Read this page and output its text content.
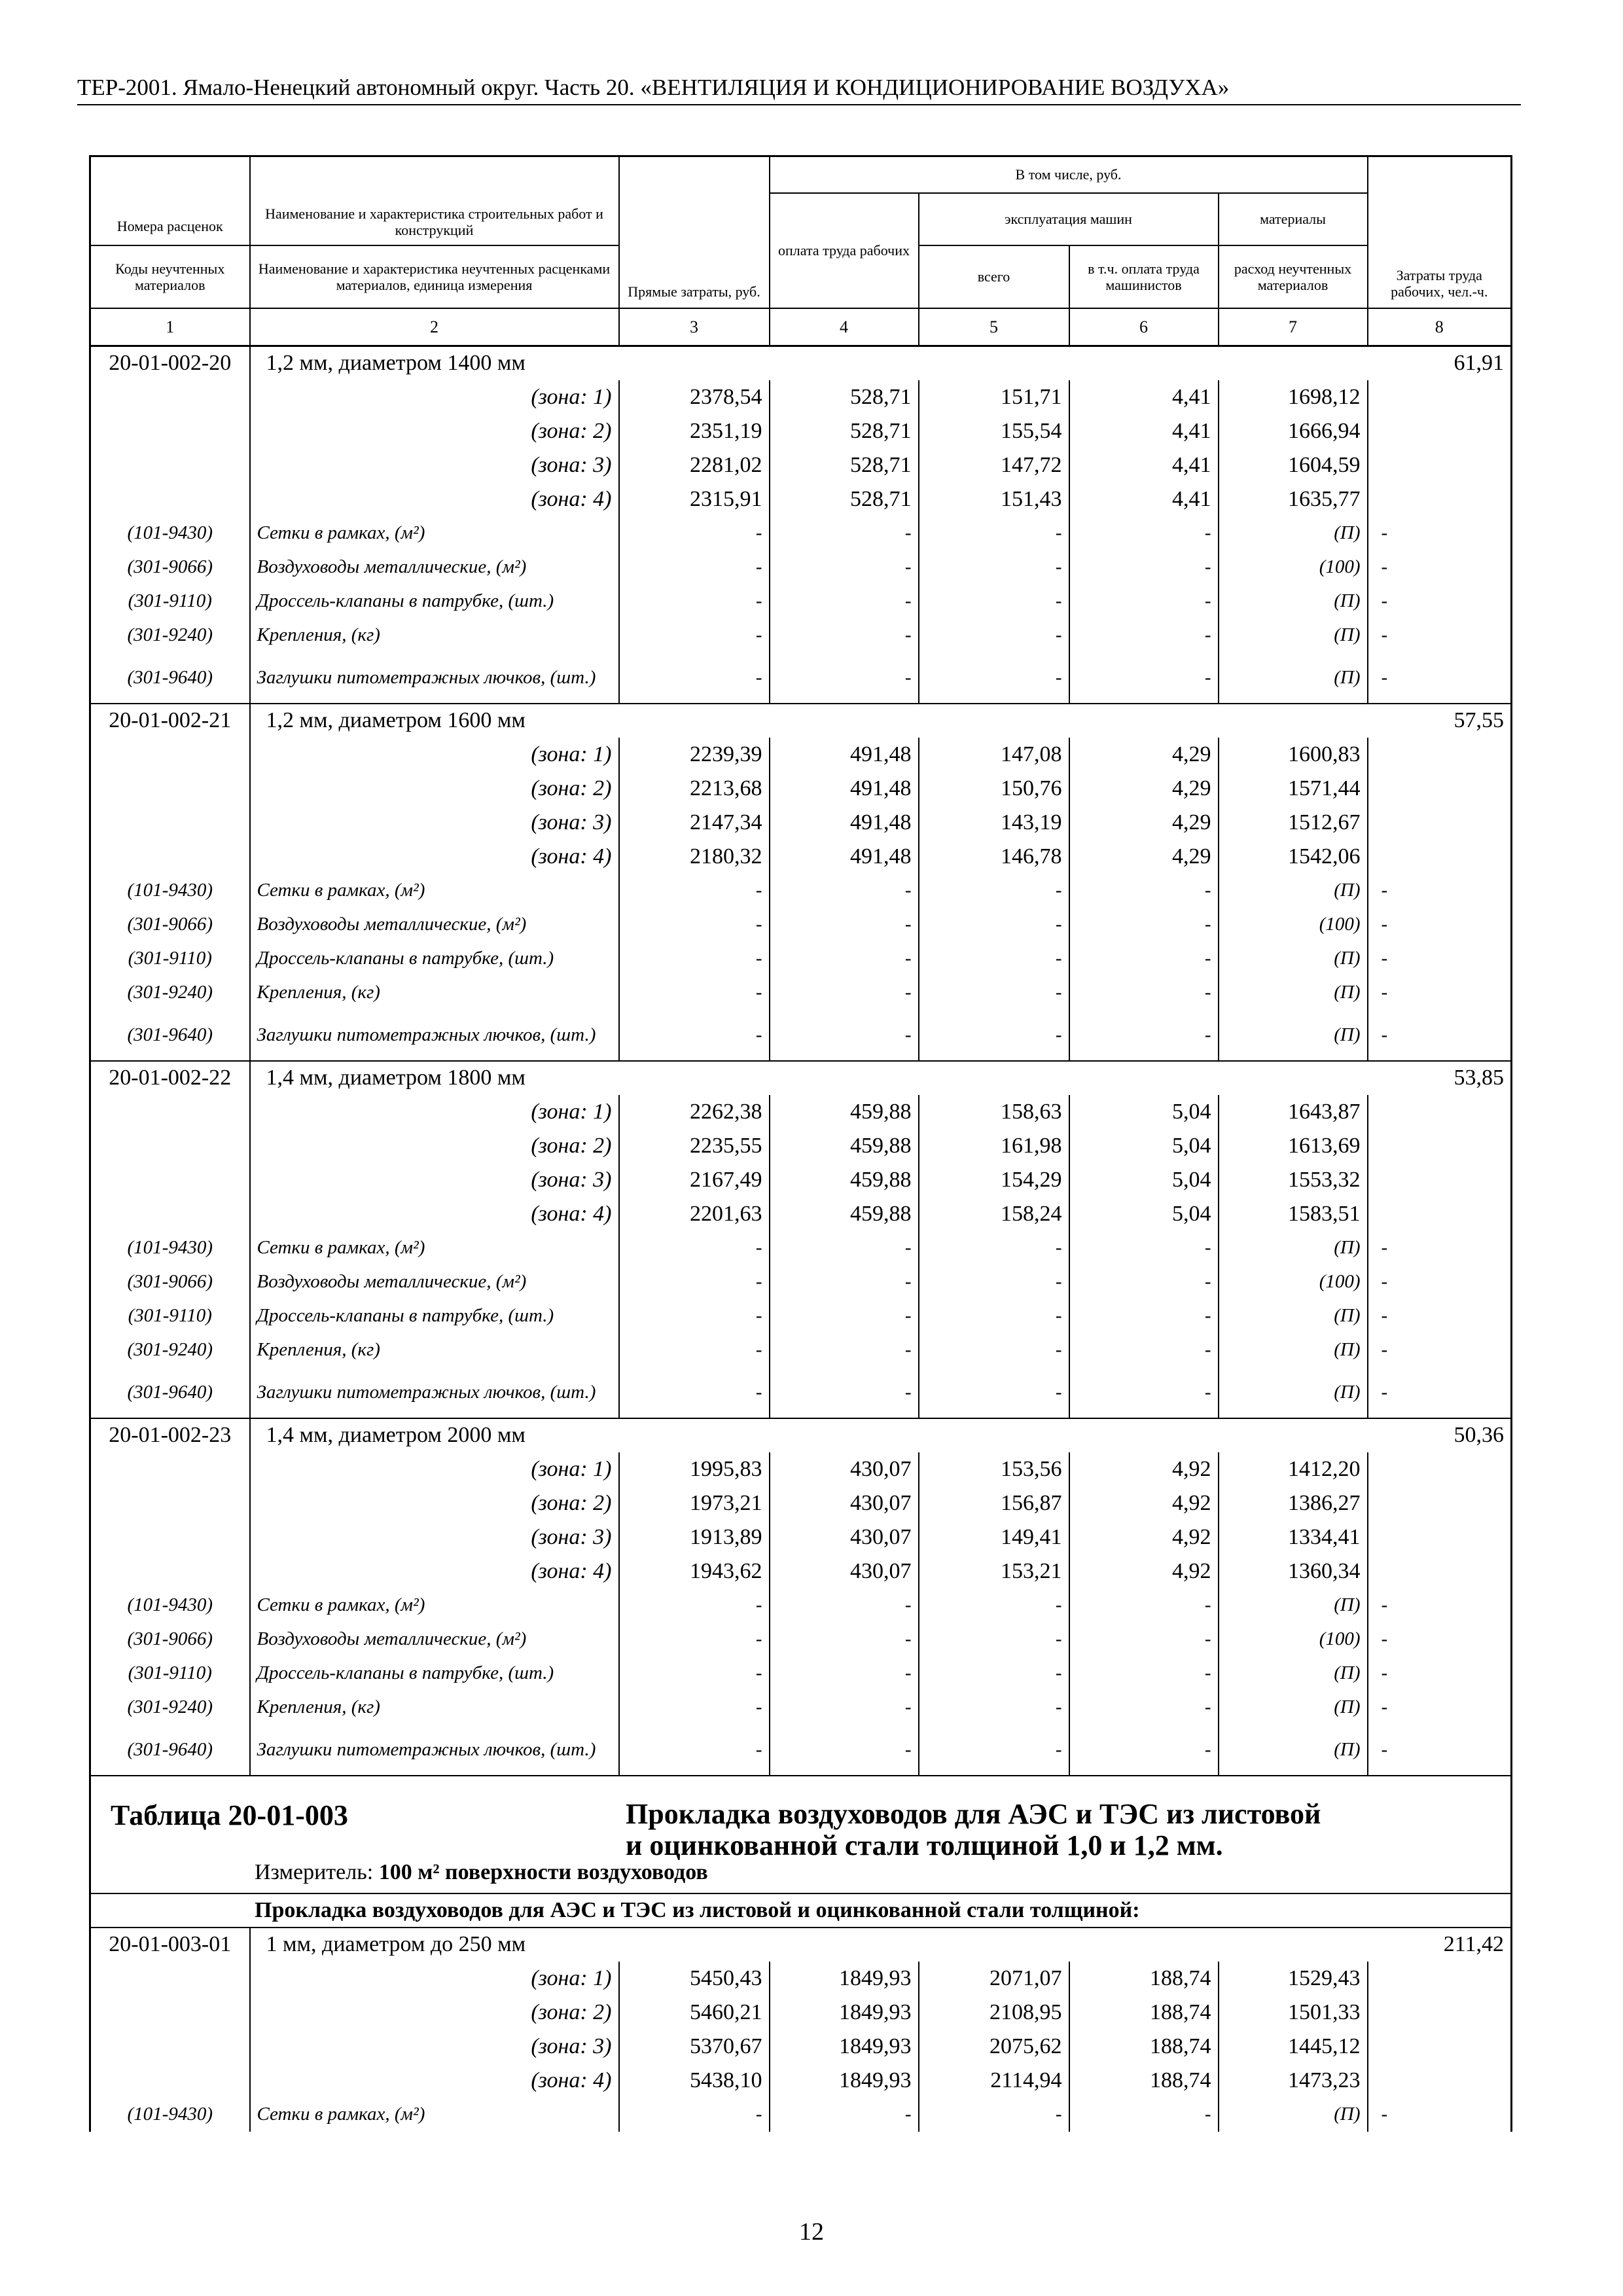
ТЕР-2001. Ямало-Ненецкий автономный округ. Часть 20. «ВЕНТИЛЯЦИЯ И КОНДИЦИОНИРОВАНИЕ ВОЗДУХА»
Номера расценок	Наименование и характеристика строительных работ и конструкций	Прямые затраты, руб.	В том числе, руб.				Затраты труда рабочих, чел.-ч.
			оплата труда рабочих	эксплуатация машин		материалы	
Коды неучтенных материалов	Наименование и характеристика неучтенных расценками материалов, единица измерения			всего	в т.ч. оплата труда машинистов	расход неучтенных материалов	
1	2	3	4	5	6	7	8
20-01-002-20	1,2 мм, диаметром 1400 мм						61,91
	(зона: 1)	2378,54	528,71	151,71	4,41	1698,12	
	(зона: 2)	2351,19	528,71	155,54	4,41	1666,94	
	(зона: 3)	2281,02	528,71	147,72	4,41	1604,59	
	(зона: 4)	2315,91	528,71	151,43	4,41	1635,77	
(101-9430)	Сетки в рамках, (м²)	-	-	-	-	(П)	-
(301-9066)	Воздуховоды металлические, (м²)	-	-	-	-	(100)	-
(301-9110)	Дроссель-клапаны в патрубке, (шт.)	-	-	-	-	(П)	-
(301-9240)	Крепления, (кг)	-	-	-	-	(П)	-
(301-9640)	Заглушки питометражных лючков, (шт.)	-	-	-	-	(П)	-
20-01-002-21	1,2 мм, диаметром 1600 мм						57,55
	(зона: 1)	2239,39	491,48	147,08	4,29	1600,83	
	(зона: 2)	2213,68	491,48	150,76	4,29	1571,44	
	(зона: 3)	2147,34	491,48	143,19	4,29	1512,67	
	(зона: 4)	2180,32	491,48	146,78	4,29	1542,06	
(101-9430)	Сетки в рамках, (м²)	-	-	-	-	(П)	-
(301-9066)	Воздуховоды металлические, (м²)	-	-	-	-	(100)	-
(301-9110)	Дроссель-клапаны в патрубке, (шт.)	-	-	-	-	(П)	-
(301-9240)	Крепления, (кг)	-	-	-	-	(П)	-
(301-9640)	Заглушки питометражных лючков, (шт.)	-	-	-	-	(П)	-
20-01-002-22	1,4 мм, диаметром 1800 мм						53,85
	(зона: 1)	2262,38	459,88	158,63	5,04	1643,87	
	(зона: 2)	2235,55	459,88	161,98	5,04	1613,69	
	(зона: 3)	2167,49	459,88	154,29	5,04	1553,32	
	(зона: 4)	2201,63	459,88	158,24	5,04	1583,51	
(101-9430)	Сетки в рамках, (м²)	-	-	-	-	(П)	-
(301-9066)	Воздуховоды металлические, (м²)	-	-	-	-	(100)	-
(301-9110)	Дроссель-клапаны в патрубке, (шт.)	-	-	-	-	(П)	-
(301-9240)	Крепления, (кг)	-	-	-	-	(П)	-
(301-9640)	Заглушки питометражных лючков, (шт.)	-	-	-	-	(П)	-
20-01-002-23	1,4 мм, диаметром 2000 мм						50,36
	(зона: 1)	1995,83	430,07	153,56	4,92	1412,20	
	(зона: 2)	1973,21	430,07	156,87	4,92	1386,27	
	(зона: 3)	1913,89	430,07	149,41	4,92	1334,41	
	(зона: 4)	1943,62	430,07	153,21	4,92	1360,34	
(101-9430)	Сетки в рамках, (м²)	-	-	-	-	(П)	-
(301-9066)	Воздуховоды металлические, (м²)	-	-	-	-	(100)	-
(301-9110)	Дроссель-клапаны в патрубке, (шт.)	-	-	-	-	(П)	-
(301-9240)	Крепления, (кг)	-	-	-	-	(П)	-
(301-9640)	Заглушки питометражных лючков, (шт.)	-	-	-	-	(П)	-

Таблица 20-01-003 Прокладка воздуховодов для АЭС и ТЭС из листовой
и оцинкованной стали толщиной 1,0 и 1,2 мм.
Измеритель: 100 м² поверхности воздуховодов							

Прокладка воздуховодов для АЭС и ТЭС из листовой и оцинкованной стали толщиной:							
20-01-003-01	1 мм, диаметром до 250 мм						211,42
	(зона: 1)	5450,43	1849,93	2071,07	188,74	1529,43	
	(зона: 2)	5460,21	1849,93	2108,95	188,74	1501,33	
	(зона: 3)	5370,67	1849,93	2075,62	188,74	1445,12	
	(зона: 4)	5438,10	1849,93	2114,94	188,74	1473,23	
(101-9430)	Сетки в рамках, (м²)	-	-	-	-	(П)	-
12
